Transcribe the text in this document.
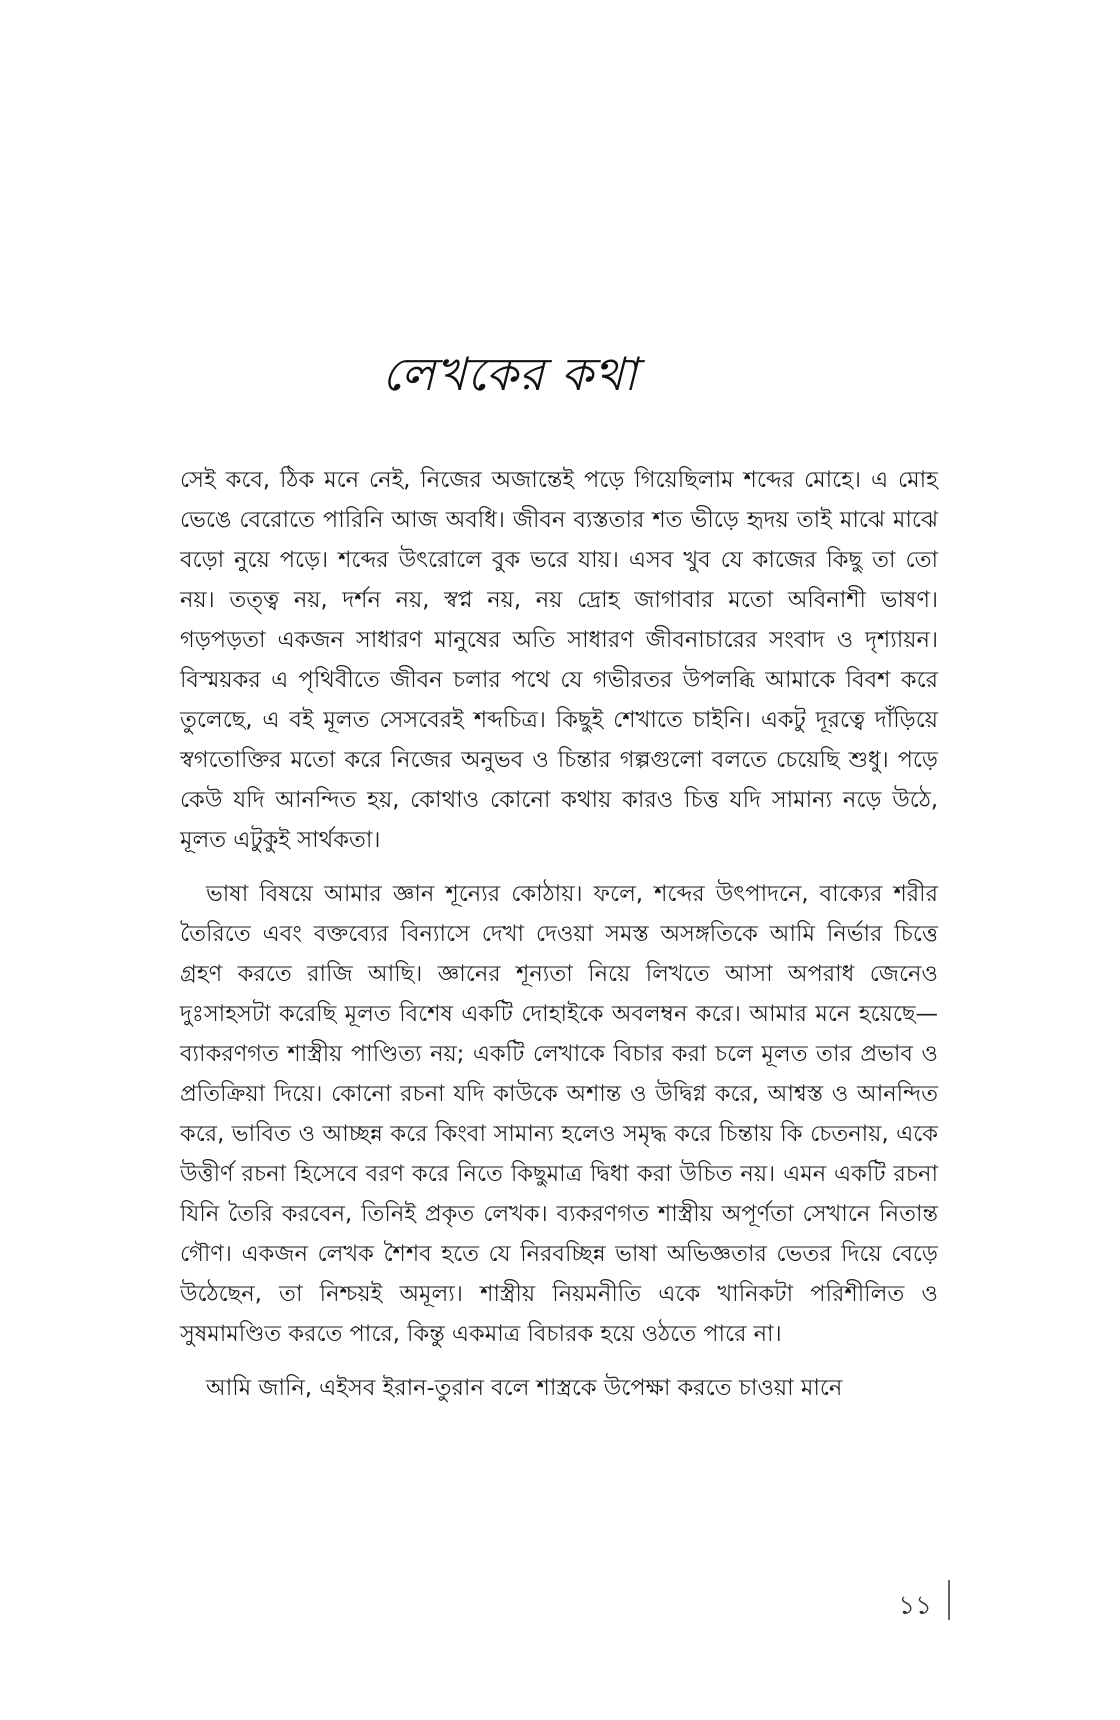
লেখকের কথা

সেই কবে, ঠিক মনে নেই, নিজের অজান্তেই পড়ে গিয়েছিলাম শব্দের মোহে। এ মোহ ভেঙে বেরোতে পারিনি আজ অবধি। জীবন ব্যস্ততার শত ভীড়ে হৃদয় তাই মাঝে মাঝে বড়ো নুয়ে পড়ে। শব্দের উৎরোলে বুক ভরে যায়। এসব খুব যে কাজের কিছু তা তো নয়। তত্ত্ব নয়, দর্শন নয়, স্বপ্ন নয়, নয় দ্রোহ জাগাবার মতো অবিনাশী ভাষণ। গড়পড়তা একজন সাধারণ মানুষের অতি সাধারণ জীবনাচারের সংবাদ ও দৃশ্যায়ন। বিস্ময়কর এ পৃথিবীতে জীবন চলার পথে যে গভীরতর উপলব্ধি আমাকে বিবশ করে তুলেছে, এ বই মূলত সেসবেরই শব্দচিত্র। কিছুই শেখাতে চাইনি। একটু দূরত্বে দাঁড়িয়ে স্বগতোক্তির মতো করে নিজের অনুভব ও চিন্তার গল্পগুলো বলতে চেয়েছি শুধু। পড়ে কেউ যদি আনন্দিত হয়, কোথাও কোনো কথায় কারও চিত্ত যদি সামান্য নড়ে উঠে, মূলত এটুকুই সার্থকতা।

ভাষা বিষয়ে আমার জ্ঞান শূন্যের কোঠায়। ফলে, শব্দের উৎপাদনে, বাক্যের শরীর তৈরিতে এবং বক্তব্যের বিন্যাসে দেখা দেওয়া সমস্ত অসঙ্গতিকে আমি নির্ভার চিত্তে গ্রহণ করতে রাজি আছি। জ্ঞানের শূন্যতা নিয়ে লিখতে আসা অপরাধ জেনেও দুঃসাহসটা করেছি মূলত বিশেষ একটি দোহাইকে অবলম্বন করে। আমার মনে হয়েছে—ব্যাকরণগত শাস্ত্রীয় পাণ্ডিত্য নয়; একটি লেখাকে বিচার করা চলে মূলত তার প্রভাব ও প্রতিক্রিয়া দিয়ে। কোনো রচনা যদি কাউকে অশান্ত ও উদ্বিগ্ন করে, আশ্বস্ত ও আনন্দিত করে, ভাবিত ও আচ্ছন্ন করে কিংবা সামান্য হলেও সমৃদ্ধ করে চিন্তায় কি চেতনায়, একে উত্তীর্ণ রচনা হিসেবে বরণ করে নিতে কিছুমাত্র দ্বিধা করা উচিত নয়। এমন একটি রচনা যিনি তৈরি করবেন, তিনিই প্রকৃত লেখক। ব্যকরণগত শাস্ত্রীয় অপূর্ণতা সেখানে নিতান্ত গৌণ। একজন লেখক শৈশব হতে যে নিরবচ্ছিন্ন ভাষা অভিজ্ঞতার ভেতর দিয়ে বেড়ে উঠেছেন, তা নিশ্চয়ই অমূল্য। শাস্ত্রীয় নিয়মনীতি একে খানিকটা পরিশীলিত ও সুষমামণ্ডিত করতে পারে, কিন্তু একমাত্র বিচারক হয়ে ওঠতে পারে না।

আমি জানি, এইসব ইরান-তুরান বলে শাস্ত্রকে উপেক্ষা করতে চাওয়া মানে

১১
